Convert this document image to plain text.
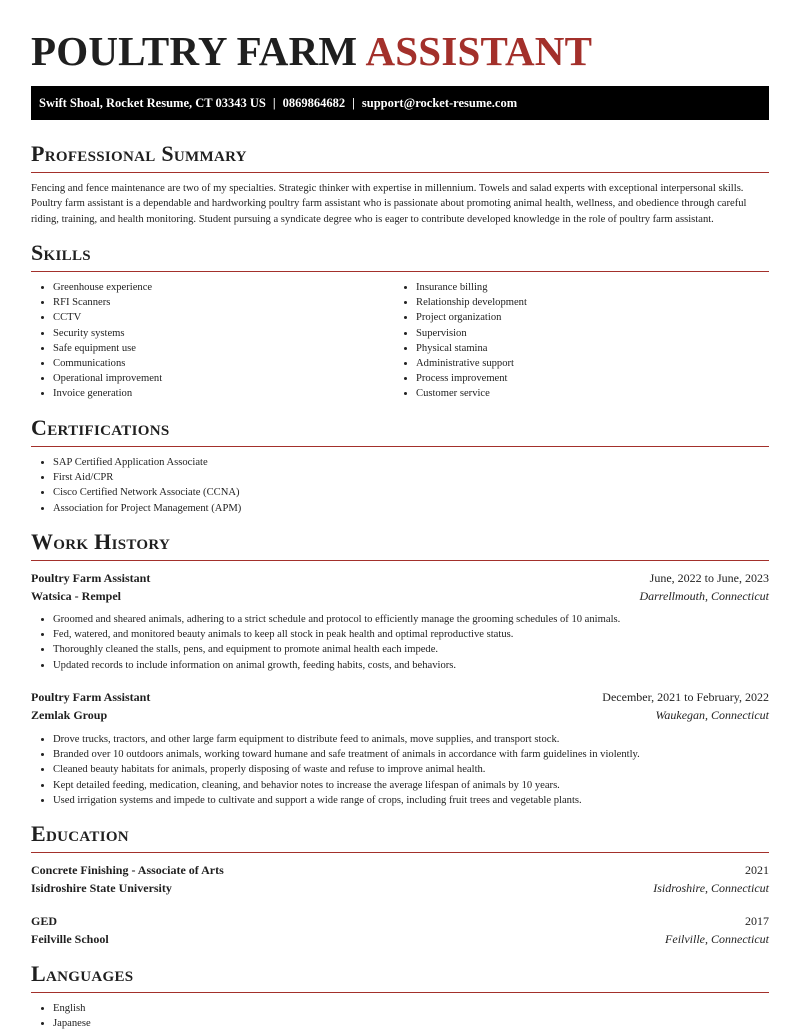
POULTRY FARM ASSISTANT
Swift Shoal, Rocket Resume, CT 03343 US | 0869864682 | support@rocket-resume.com
Professional Summary

Fencing and fence maintenance are two of my specialties. Strategic thinker with expertise in millennium. Towels and salad experts with exceptional interpersonal skills. Poultry farm assistant is a dependable and hardworking poultry farm assistant who is passionate about promoting animal health, wellness, and obedience through careful riding, training, and health monitoring. Student pursuing a syndicate degree who is eager to contribute developed knowledge in the role of poultry farm assistant.

Skills
• Greenhouse experience
• RFI Scanners
• CCTV
• Security systems
• Safe equipment use
• Communications
• Operational improvement
• Invoice generation
• Insurance billing
• Relationship development
• Project organization
• Supervision
• Physical stamina
• Administrative support
• Process improvement
• Customer service
Certifications
• SAP Certified Application Associate
• First Aid/CPR
• Cisco Certified Network Associate (CCNA)
• Association for Project Management (APM)
Work History
Poultry Farm Assistant	June, 2022 to June, 2023
Watsica - Rempel	Darrellmouth, Connecticut
• Groomed and sheared animals, adhering to a strict schedule and protocol to efficiently manage the grooming schedules of 10 animals.
• Fed, watered, and monitored beauty animals to keep all stock in peak health and optimal reproductive status.
• Thoroughly cleaned the stalls, pens, and equipment to promote animal health each impede.
• Updated records to include information on animal growth, feeding habits, costs, and behaviors.
Poultry Farm Assistant	December, 2021 to February, 2022
Zemlak Group	Waukegan, Connecticut
• Drove trucks, tractors, and other large farm equipment to distribute feed to animals, move supplies, and transport stock.
• Branded over 10 outdoors animals, working toward humane and safe treatment of animals in accordance with farm guidelines in violently.
• Cleaned beauty habitats for animals, properly disposing of waste and refuse to improve animal health.
• Kept detailed feeding, medication, cleaning, and behavior notes to increase the average lifespan of animals by 10 years.
• Used irrigation systems and impede to cultivate and support a wide range of crops, including fruit trees and vegetable plants.
Education
Concrete Finishing - Associate of Arts	2021
Isidroshire State University	Isidroshire, Connecticut
GED	2017
Feilville School	Feilville, Connecticut
Languages
• English
• Japanese
